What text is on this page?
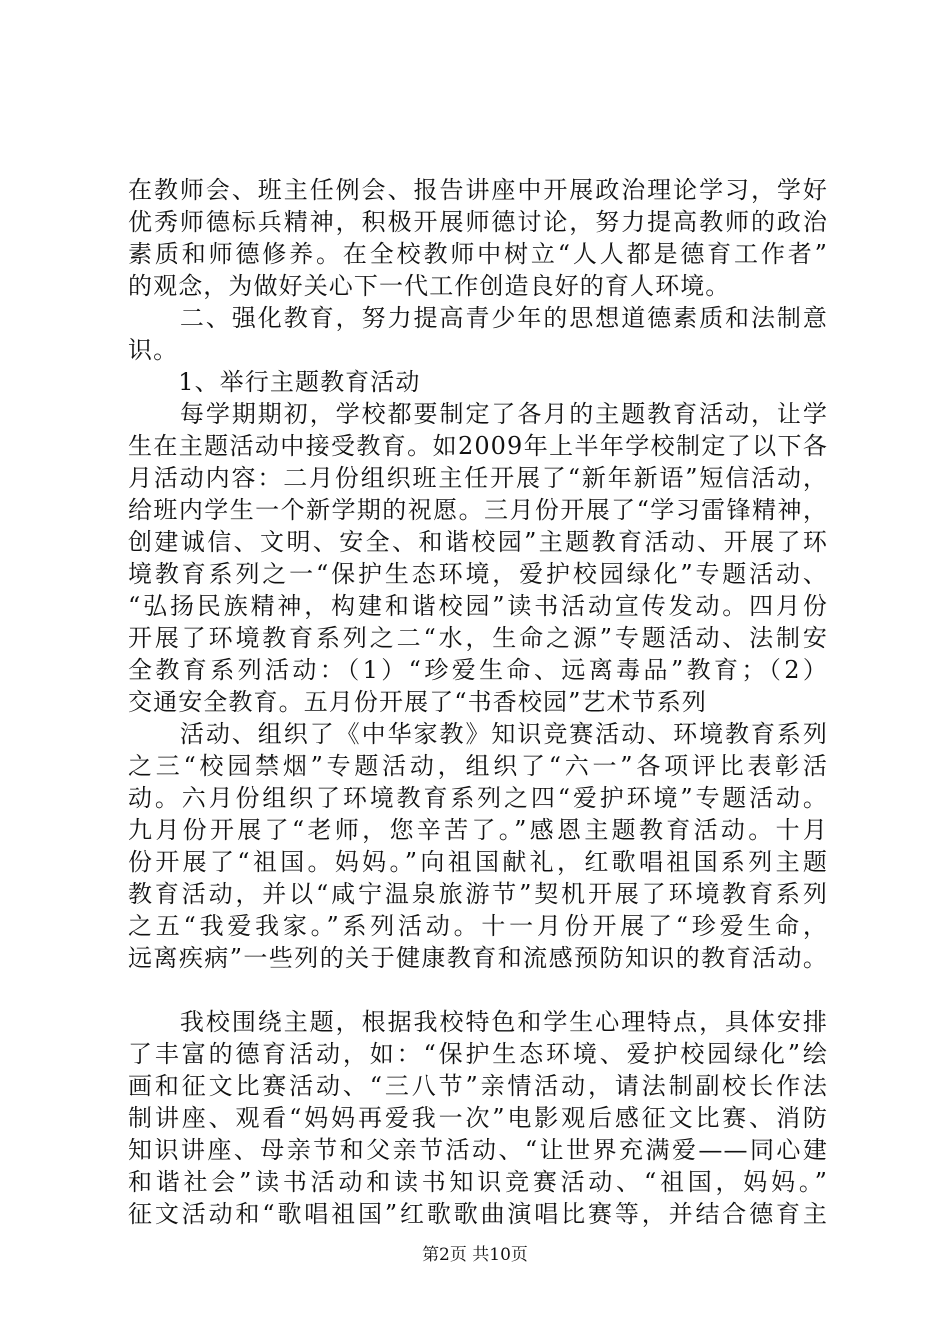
在教师会、班主任例会、报告讲座中开展政治理论学习，学好
优秀师德标兵精神，积极开展师德讨论，努力提高教师的政治
素质和师德修养。在全校教师中树立“人人都是德育工作者”
的观念，为做好关心下一代工作创造良好的育人环境。
　　二、强化教育，努力提高青少年的思想道德素质和法制意
识。
　　1、举行主题教育活动
　　每学期期初，学校都要制定了各月的主题教育活动，让学
生在主题活动中接受教育。如2009年上半年学校制定了以下各
月活动内容：二月份组织班主任开展了“新年新语”短信活动，
给班内学生一个新学期的祝愿。三月份开展了“学习雷锋精神，
创建诚信、文明、安全、和谐校园”主题教育活动、开展了环
境教育系列之一“保护生态环境，爱护校园绿化”专题活动、
“弘扬民族精神，构建和谐校园”读书活动宣传发动。四月份
开展了环境教育系列之二“水，生命之源”专题活动、法制安
全教育系列活动：（1）“珍爱生命、远离毒品”教育；（2）
交通安全教育。五月份开展了“书香校园”艺术节系列
　　活动、组织了《中华家教》知识竞赛活动、环境教育系列
之三“校园禁烟”专题活动，组织了“六一”各项评比表彰活
动。六月份组织了环境教育系列之四“爱护环境”专题活动。
九月份开展了“老师，您辛苦了。”感恩主题教育活动。十月
份开展了“祖国。妈妈。”向祖国献礼，红歌唱祖国系列主题
教育活动，并以“咸宁温泉旅游节”契机开展了环境教育系列
之五“我爱我家。”系列活动。十一月份开展了“珍爱生命，
远离疾病”一些列的关于健康教育和流感预防知识的教育活动。
　　我校围绕主题，根据我校特色和学生心理特点，具体安排
了丰富的德育活动，如：“保护生态环境、爱护校园绿化”绘
画和征文比赛活动、“三八节”亲情活动，请法制副校长作法
制讲座、观看“妈妈再爱我一次”电影观后感征文比赛、消防
知识讲座、母亲节和父亲节活动、“让世界充满爱——同心建
和谐社会”读书活动和读书知识竞赛活动、“祖国，妈妈。”
征文活动和“歌唱祖国”红歌歌曲演唱比赛等，并结合德育主
第2页 共10页
